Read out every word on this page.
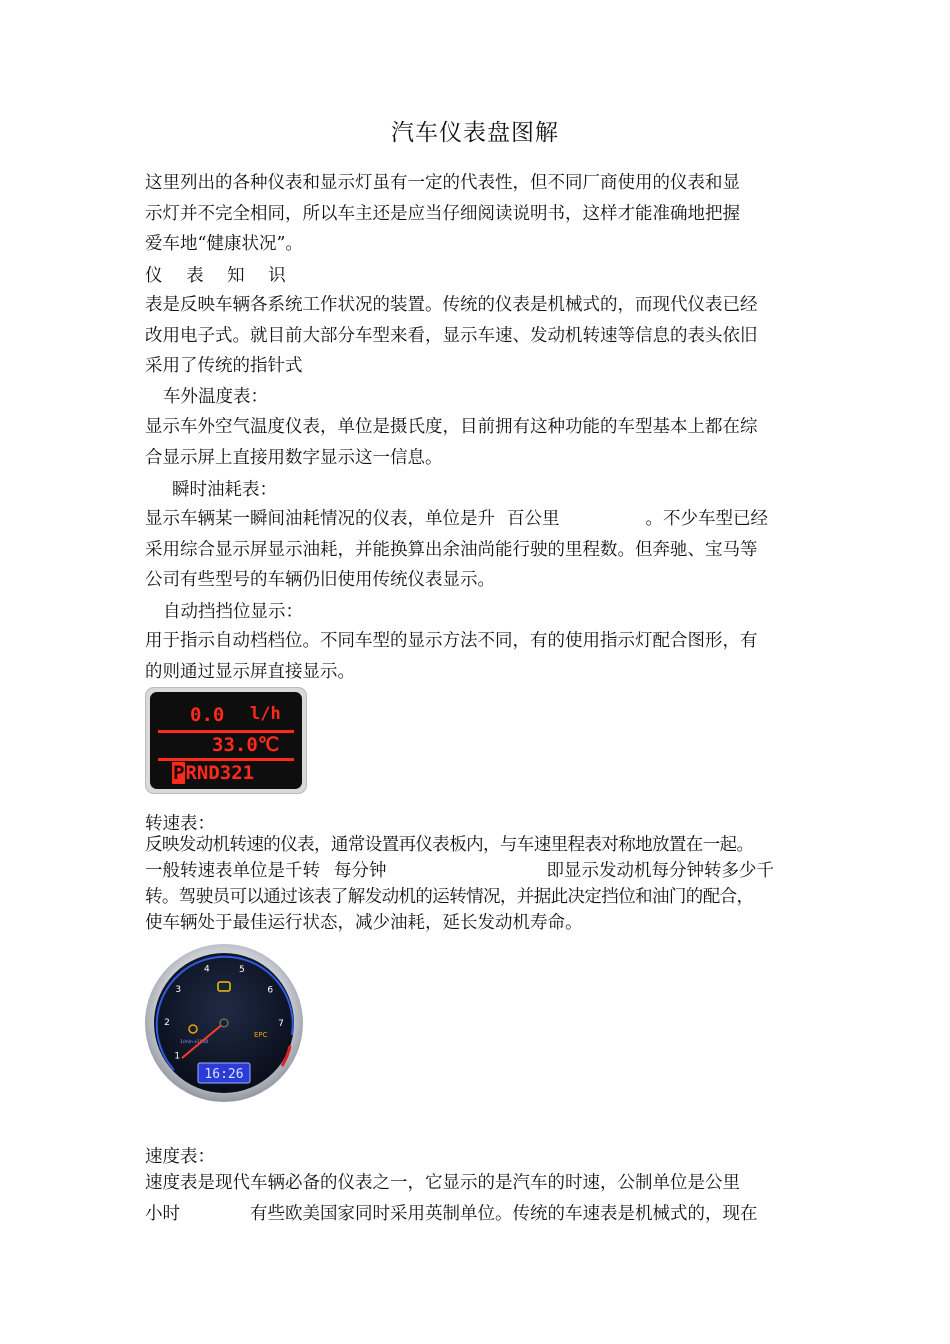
汽车仪表盘图解
这里列出的各种仪表和显示灯虽有一定的代表性，但不同厂商使用的仪表和显
示灯并不完全相同，所以车主还是应当仔细阅读说明书，这样才能准确地把握
爱车地“健康状况”。
仪 表 知 识
表是反映车辆各系统工作状况的装置。传统的仪表是机械式的，而现代仪表已经
改用电子式。就目前大部分车型来看，显示车速、发动机转速等信息的表头依旧
采用了传统的指针式
车外温度表：
显示车外空气温度仪表，单位是摄氏度，目前拥有这种功能的车型基本上都在综
合显示屏上直接用数字显示这一信息。
瞬时油耗表：
显示车辆某一瞬间油耗情况的仪表，单位是升 百公里	。不少车型已经
采用综合显示屏显示油耗，并能换算出余油尚能行驶的里程数。但奔驰、宝马等
公司有些型号的车辆仍旧使用传统仪表显示。
自动挡挡位显示：
用于指示自动档档位。不同车型的显示方法不同，有的使用指示灯配合图形，有
的则通过显示屏直接显示。
0.0 l/h
33.0℃
PRND321
转速表：
反映发动机转速的仪表，通常设置再仪表板内，与车速里程表对称地放置在一起。
一般转速表单位是千转 每分钟	即显示发动机每分钟转多少千
转。驾驶员可以通过该表了解发动机的运转情况，并据此决定挡位和油门的配合，
使车辆处于最佳运行状态，减少油耗，延长发动机寿命。
1
2
3
4	5
6
7
EPC
1/min x1000
16:26
速度表：
速度表是现代车辆必备的仪表之一，它显示的是汽车的时速，公制单位是公里
小时	有些欧美国家同时采用英制单位。传统的车速表是机械式的，现在
